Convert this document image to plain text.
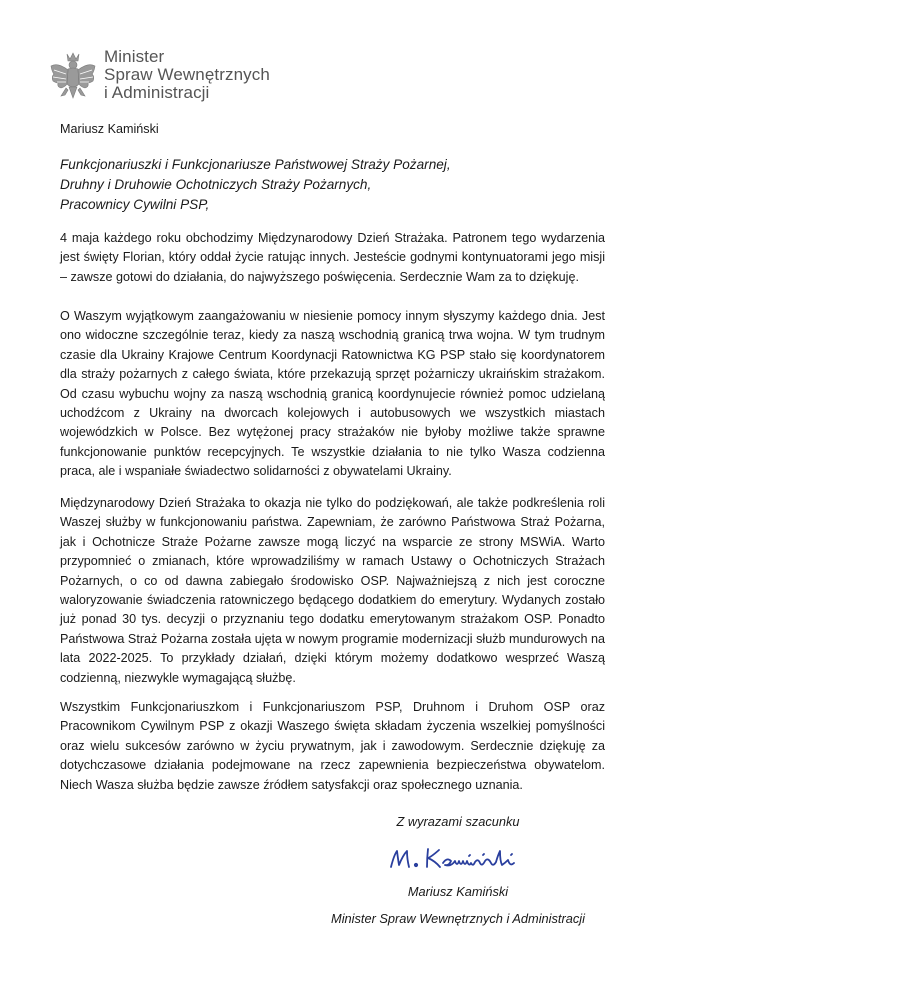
Minister
Spraw Wewnętrznych
i Administracji
Mariusz Kamiński
Funkcjonariuszki i Funkcjonariusze Państwowej Straży Pożarnej,
Druhny i Druhowie Ochotniczych Straży Pożarnych,
Pracownicy Cywilni PSP,
4 maja każdego roku obchodzimy Międzynarodowy Dzień Strażaka. Patronem tego wydarzenia jest święty Florian, który oddał życie ratując innych. Jesteście godnymi kontynuatorami jego misji – zawsze gotowi do działania, do najwyższego poświęcenia. Serdecznie Wam za to dziękuję.
O Waszym wyjątkowym zaangażowaniu w niesienie pomocy innym słyszymy każdego dnia. Jest ono widoczne szczególnie teraz, kiedy za naszą wschodnią granicą trwa wojna. W tym trudnym czasie dla Ukrainy Krajowe Centrum Koordynacji Ratownictwa KG PSP stało się koordynatorem dla straży pożarnych z całego świata, które przekazują sprzęt pożarniczy ukraińskim strażakom. Od czasu wybuchu wojny za naszą wschodnią granicą koordynujecie również pomoc udzielaną uchodźcom z Ukrainy na dworcach kolejowych i autobusowych we wszystkich miastach wojewódzkich w Polsce. Bez wytężonej pracy strażaków nie byłoby możliwe także sprawne funkcjonowanie punktów recepcyjnych. Te wszystkie działania to nie tylko Wasza codzienna praca, ale i wspaniałe świadectwo solidarności z obywatelami Ukrainy.
Międzynarodowy Dzień Strażaka to okazja nie tylko do podziękowań, ale także podkreślenia roli Waszej służby w funkcjonowaniu państwa. Zapewniam, że zarówno Państwowa Straż Pożarna, jak i Ochotnicze Straże Pożarne zawsze mogą liczyć na wsparcie ze strony MSWiA. Warto przypomnieć o zmianach, które wprowadziliśmy w ramach Ustawy o Ochotniczych Strażach Pożarnych, o co od dawna zabiegało środowisko OSP. Najważniejszą z nich jest coroczne waloryzowanie świadczenia ratowniczego będącego dodatkiem do emerytury. Wydanych zostało już ponad 30 tys. decyzji o przyznaniu tego dodatku emerytowanym strażakom OSP. Ponadto Państwowa Straż Pożarna została ujęta w nowym programie modernizacji służb mundurowych na lata 2022-2025. To przykłady działań, dzięki którym możemy dodatkowo wesprzeć Waszą codzienną, niezwykle wymagającą służbę.
Wszystkim Funkcjonariuszkom i Funkcjonariuszom PSP, Druhnom i Druhom OSP oraz Pracownikom Cywilnym PSP z okazji Waszego święta składam życzenia wszelkiej pomyślności oraz wielu sukcesów zarówno w życiu prywatnym, jak i zawodowym. Serdecznie dziękuję za dotychczasowe działania podejmowane na rzecz zapewnienia bezpieczeństwa obywatelom. Niech Wasza służba będzie zawsze źródłem satysfakcji oraz społecznego uznania.
Z wyrazami szacunku
Mariusz Kamiński
Minister Spraw Wewnętrznych i Administracji
